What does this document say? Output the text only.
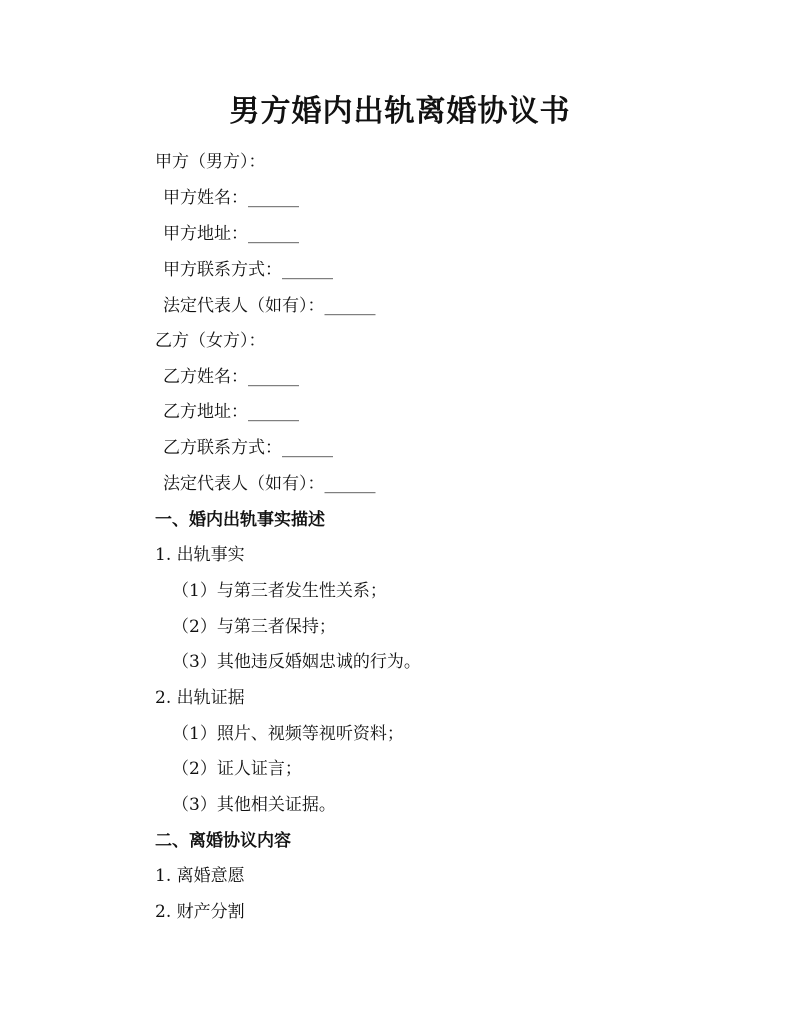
男方婚内出轨离婚协议书
甲方（男方）：
甲方姓名：______
甲方地址：______
甲方联系方式：______
法定代表人（如有）：______
乙方（女方）：
乙方姓名：______
乙方地址：______
乙方联系方式：______
法定代表人（如有）：______
一、婚内出轨事实描述
1. 出轨事实
（1）与第三者发生性关系；
（2）与第三者保持；
（3）其他违反婚姻忠诚的行为。
2. 出轨证据
（1）照片、视频等视听资料；
（2）证人证言；
（3）其他相关证据。
二、离婚协议内容
1. 离婚意愿
2. 财产分割
